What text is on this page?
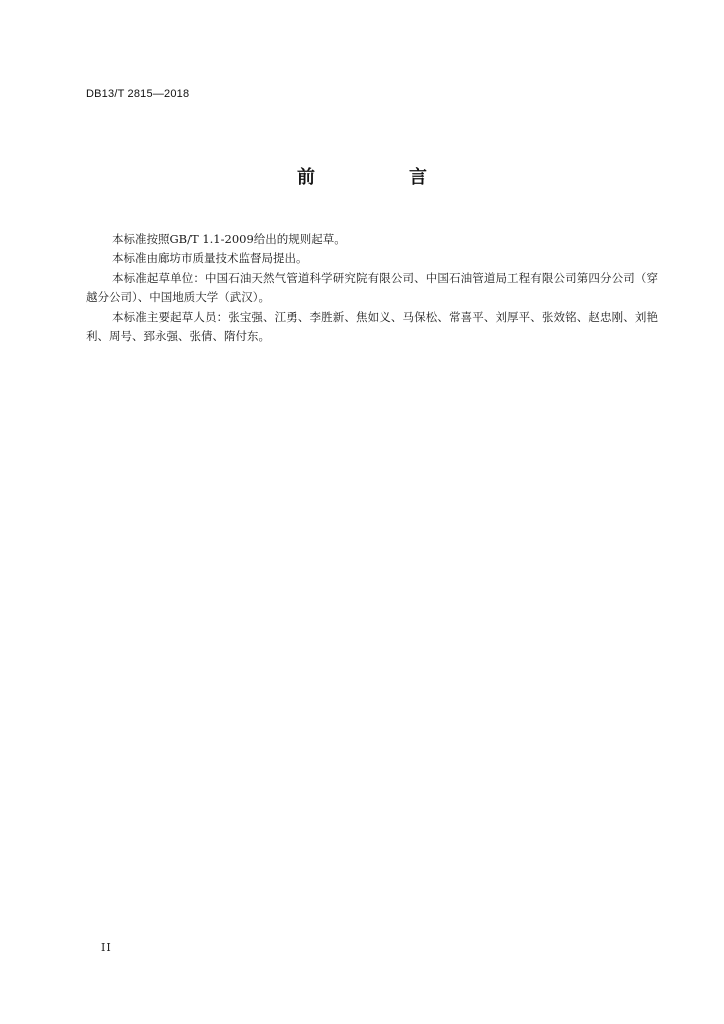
DB13/T 2815—2018
前　言

本标准按照GB/T 1.1-2009给出的规则起草。

本标准由廊坊市质量技术监督局提出。

本标准起草单位：中国石油天然气管道科学研究院有限公司、中国石油管道局工程有限公司第四分公司（穿越分公司）、中国地质大学（武汉）。

本标准主要起草人员：张宝强、江勇、李胜新、焦如义、马保松、常喜平、刘厚平、张效铭、赵忠刚、刘艳利、周号、郅永强、张倩、隋付东。

II
